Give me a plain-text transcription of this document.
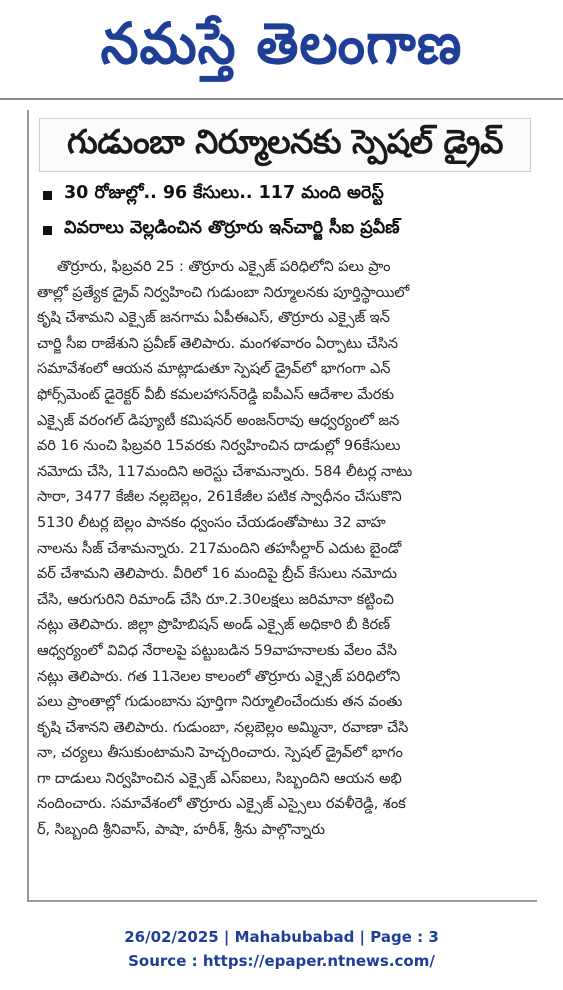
నమస్తే తెలంగాణ
గుడుంబా నిర్మూలనకు స్పెషల్ డ్రైవ్
30 రోజుల్లో.. 96 కేసులు.. 117 మంది అరెస్ట్
వివరాలు వెల్లడించిన తొర్రూరు ఇన్‌చార్జి సీఐ ప్రవీణ్
తొర్రూరు, ఫిబ్రవరి 25 : తొర్రూరు ఎక్సైజ్ పరిధిలోని పలు ప్రాం
తాల్లో ప్రత్యేక డ్రైవ్ నిర్వహించి గుడుంబా నిర్మూలనకు పూర్తిస్థాయిలో
కృషి చేశామని ఎక్సైజ్ జనగామ ఏపీఈఎస్, తొర్రూరు ఎక్సైజ్ ఇన్
చార్జి సీఐ రాజేశుని ప్రవీణ్ తెలిపారు. మంగళవారం ఏర్పాటు చేసిన
సమావేశంలో ఆయన మాట్లాడుతూ స్పెషల్ డ్రైవ్‌లో భాగంగా ఎన్
ఫోర్స్‌మెంట్ డైరెక్టర్ వీబీ కమలహాసన్‌రెడ్డి ఐపీఎస్ ఆదేశాల మేరకు
ఎక్సైజ్ వరంగల్ డిప్యూటీ కమిషనర్ అంజన్‌రావు ఆధ్వర్యంలో జన
వరి 16 నుంచి ఫిబ్రవరి 15వరకు నిర్వహించిన దాడుల్లో 96కేసులు
నమోదు చేసి, 117మందిని అరెస్టు చేశామన్నారు. 584 లీటర్ల నాటు
సారా, 3477 కేజీల నల్లబెల్లం, 261కేజీల పటిక స్వాధీనం చేసుకొని
5130 లీటర్ల బెల్లం పానకం ధ్వంసం చేయడంతోపాటు 32 వాహ
నాలను సీజ్ చేశామన్నారు. 217మందిని తహసీల్దార్ ఎదుట బైండో
వర్ చేశామని తెలిపారు. వీరిలో 16 మందిపై బ్రీచ్ కేసులు నమోదు
చేసి, ఆరుగురిని రిమాండ్ చేసి రూ.2.30లక్షలు జరిమానా కట్టించి
నట్లు తెలిపారు. జిల్లా ప్రొహిబిషన్ అండ్ ఎక్సైజ్ అధికారి బీ కిరణ్
ఆధ్వర్యంలో వివిధ నేరాలపై పట్టుబడిన 59వాహనాలకు వేలం వేసి
నట్లు తెలిపారు. గత 11నెలల కాలంలో తొర్రూరు ఎక్సైజ్ పరిధిలోని
పలు ప్రాంతాల్లో గుడుంబాను పూర్తిగా నిర్మూలించేందుకు తన వంతు
కృషి చేశానని తెలిపారు. గుడుంబా, నల్లబెల్లం అమ్మినా, రవాణా చేసి
నా, చర్యలు తీసుకుంటామని హెచ్చరించారు. స్పెషల్ డ్రైవ్‌లో భాగం
గా దాడులు నిర్వహించిన ఎక్సైజ్ ఎస్‌ఐలు, సిబ్బందిని ఆయన అభి
నందించారు. సమావేశంలో తొర్రూరు ఎక్సైజ్ ఎస్సైలు రవళీరెడ్డి, శంక
ర్, సిబ్బంది శ్రీనివాస్, పాషా, హరీశ్, శ్రీను పాల్గొన్నారు
26/02/2025 | Mahabubabad | Page : 3
Source : https://epaper.ntnews.com/
